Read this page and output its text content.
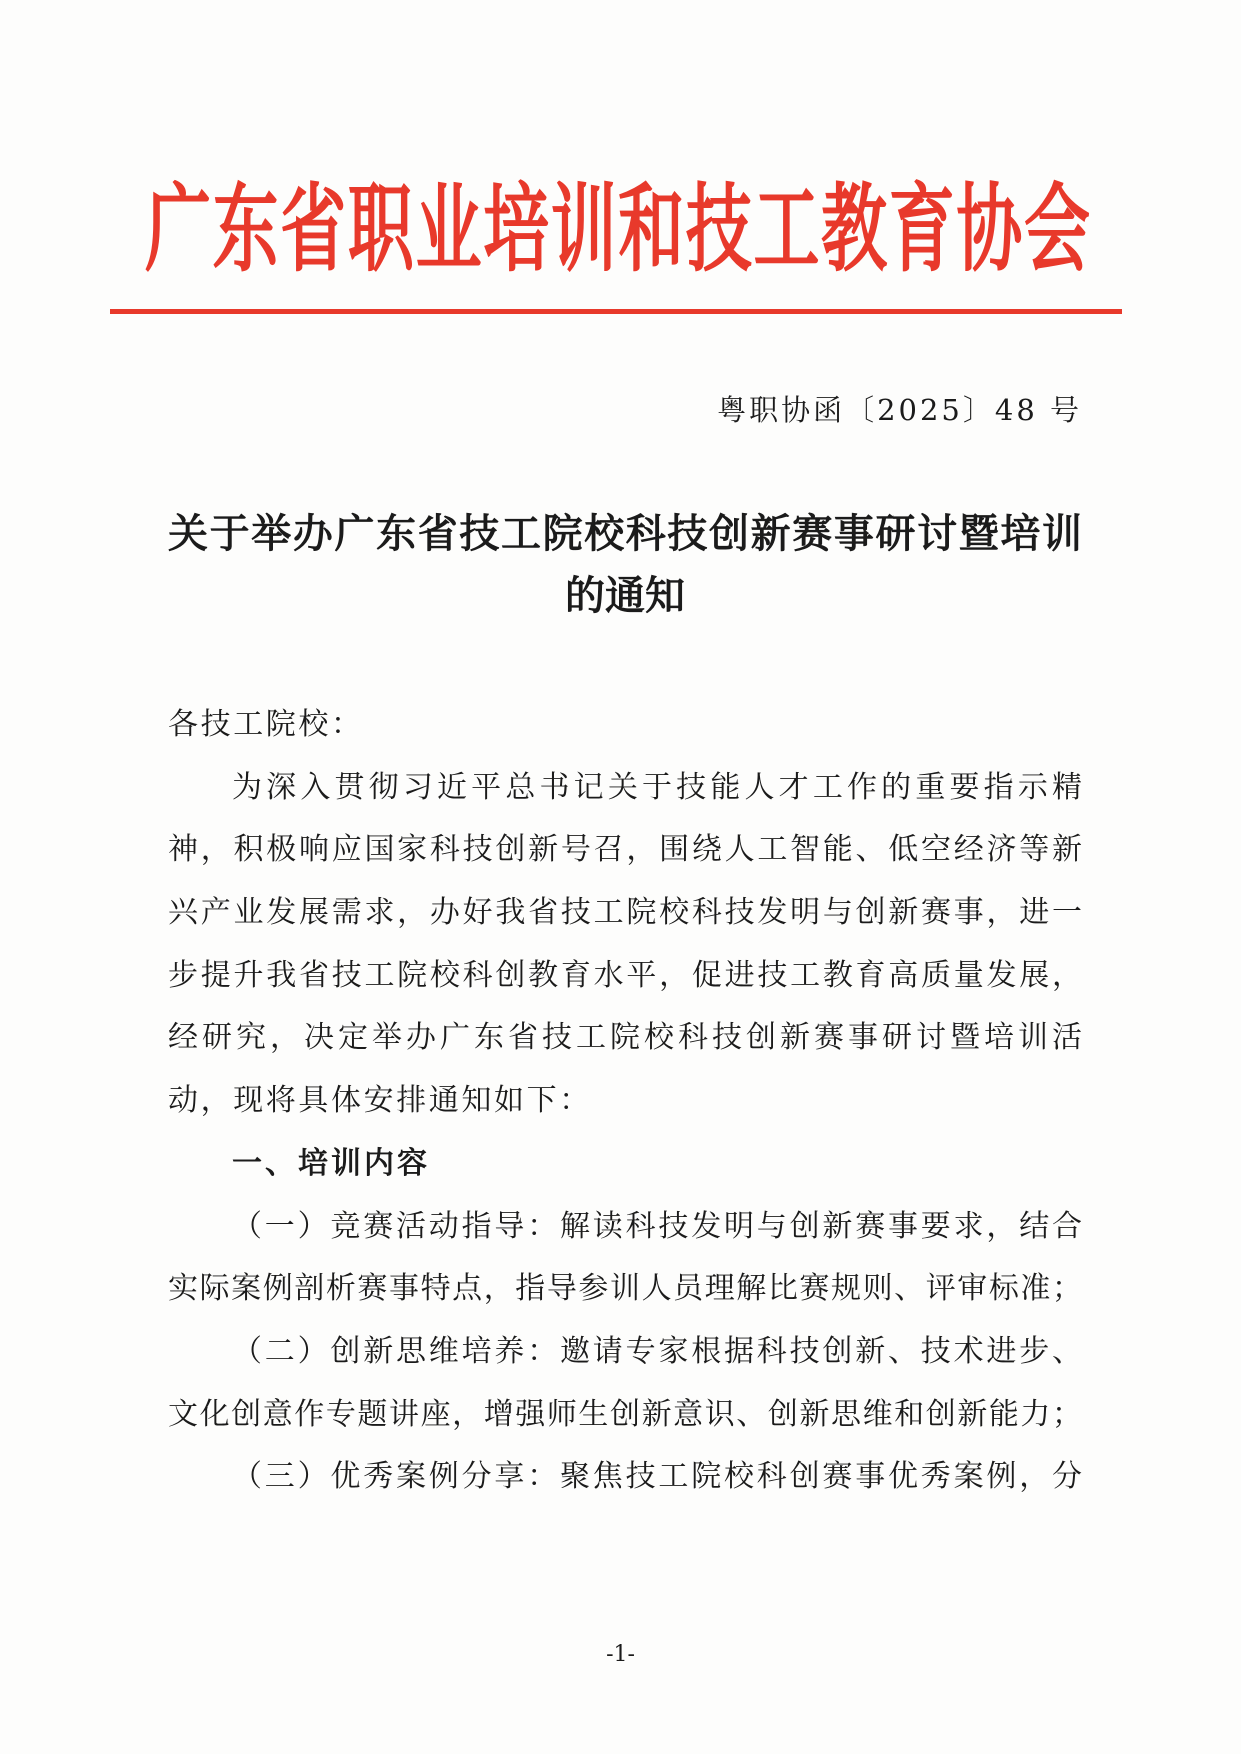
广东省职业培训和技工教育协会
粤职协函〔2025〕48 号
关于举办广东省技工院校科技创新赛事研讨暨培训
的通知
各技工院校：
为深入贯彻习近平总书记关于技能人才工作的重要指示精
神，积极响应国家科技创新号召，围绕人工智能、低空经济等新
兴产业发展需求，办好我省技工院校科技发明与创新赛事，进一
步提升我省技工院校科创教育水平，促进技工教育高质量发展，
经研究，决定举办广东省技工院校科技创新赛事研讨暨培训活
动，现将具体安排通知如下：
一、培训内容
（一）竞赛活动指导：解读科技发明与创新赛事要求，结合
实际案例剖析赛事特点，指导参训人员理解比赛规则、评审标准；
（二）创新思维培养：邀请专家根据科技创新、技术进步、
文化创意作专题讲座，增强师生创新意识、创新思维和创新能力；
（三）优秀案例分享：聚焦技工院校科创赛事优秀案例，分
-1-
